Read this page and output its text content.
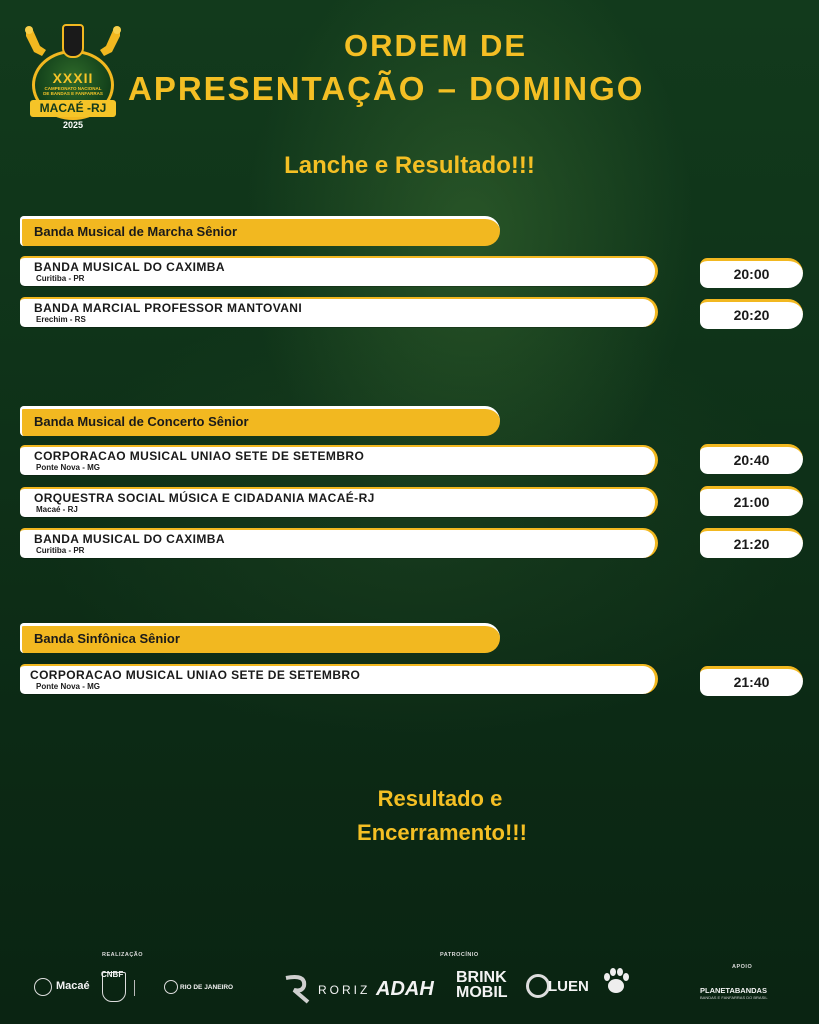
XXXII
CAMPEONATO NACIONAL DE BANDAS E FANFARRAS
MACAÉ -RJ
2025
ORDEM DE
APRESENTAÇÃO – DOMINGO
Lanche e Resultado!!!
Banda Musical de Marcha Sênior
BANDA MUSICAL DO CAXIMBA
Curitiba - PR	20:00
BANDA MARCIAL PROFESSOR MANTOVANI
Erechim - RS	20:20
Banda Musical de Concerto Sênior
CORPORACAO MUSICAL UNIAO SETE DE SETEMBRO
Ponte Nova - MG	20:40
ORQUESTRA SOCIAL MÚSICA E CIDADANIA MACAÉ-RJ
Macaé - RJ	21:00
BANDA MUSICAL DO CAXIMBA
Curitiba - PR	21:20
Banda Sinfônica Sênior
CORPORACAO MUSICAL UNIAO SETE DE SETEMBRO
Ponte Nova - MG	21:40
Resultado e
Encerramento!!!
REALIZAÇÃO	PATROCÍNIO
APOIO
Macaé
CNBF
RIO DE JANEIRO	RORIZ ADAH
BRINK MOBIL	LUEN	PLANETABANDAS
BANDAS E FANFARRAS DO BRASIL
